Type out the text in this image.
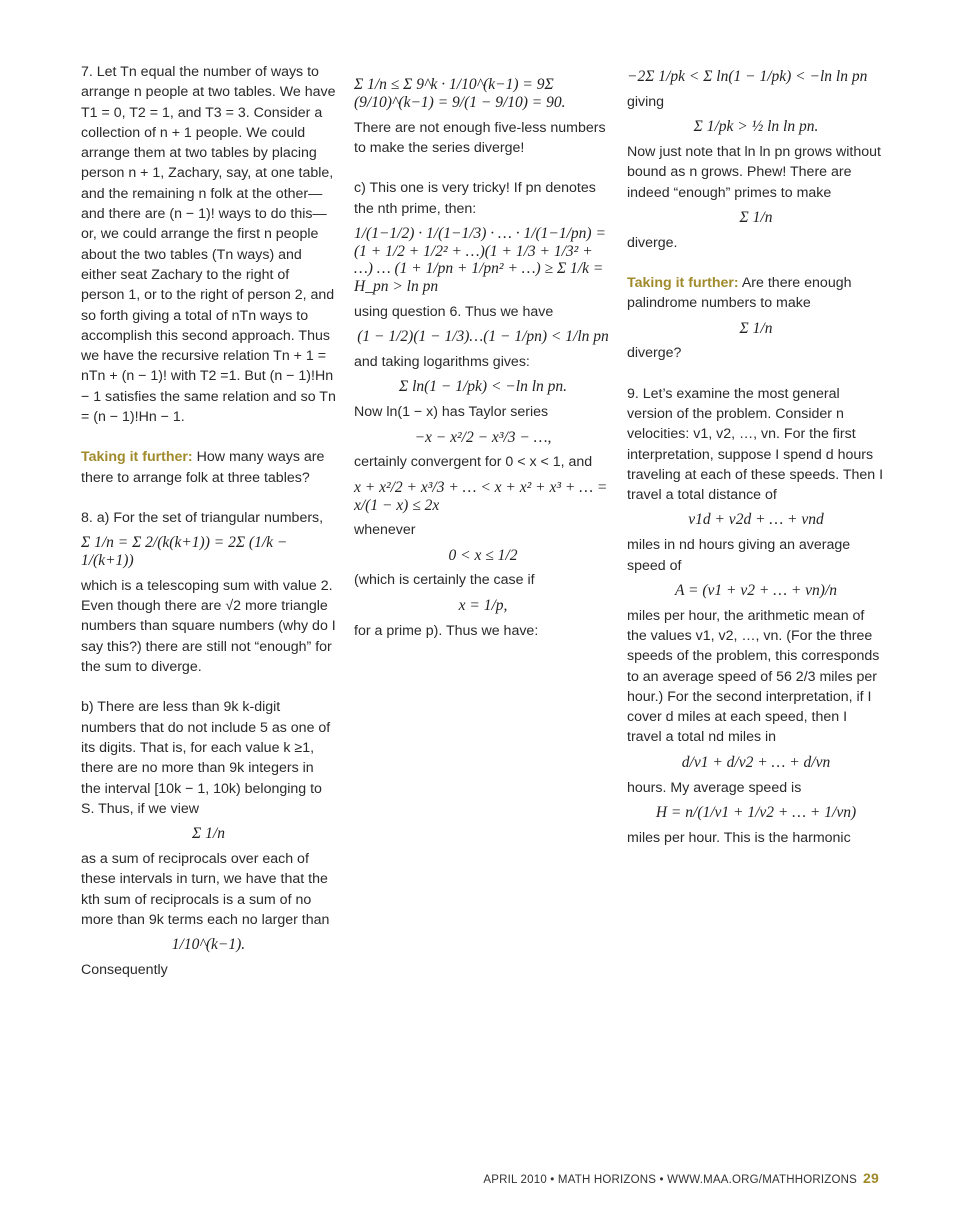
7. Let Tn equal the number of ways to arrange n people at two tables. We have T1 = 0, T2 = 1, and T3 = 3. Consider a collection of n + 1 people. We could arrange them at two tables by placing person n + 1, Zachary, say, at one table, and the remaining n folk at the other—and there are (n − 1)! ways to do this—or, we could arrange the first n people about the two tables (Tn ways) and either seat Zachary to the right of person 1, or to the right of person 2, and so forth giving a total of nTn ways to accomplish this second approach. Thus we have the recursive relation Tn + 1 = nTn + (n − 1)! with T2 =1. But (n − 1)!Hn − 1 satisfies the same relation and so Tn = (n − 1)!Hn − 1.

Taking it further: How many ways are there to arrange folk at three tables?

8. a) For the set of triangular numbers,

Σ 1/n = Σ 2/(k(k+1)) = 2Σ (1/k − 1/(k+1))

which is a telescoping sum with value 2. Even though there are √2 more triangle numbers than square numbers (why do I say this?) there are still not “enough” for the sum to diverge.

b) There are less than 9k k-digit numbers that do not include 5 as one of its digits. That is, for each value k ≥1, there are no more than 9k integers in the interval [10k − 1, 10k) belonging to S. Thus, if we view

Σ 1/n

as a sum of reciprocals over each of these intervals in turn, we have that the kth sum of reciprocals is a sum of no more than 9k terms each no larger than

1/10^(k−1).

Consequently

Σ 1/n ≤ Σ 9^k · 1/10^(k−1) = 9Σ (9/10)^(k−1) = 9/(1 − 9/10) = 90.

There are not enough five-less numbers to make the series diverge!

c) This one is very tricky! If pn denotes the nth prime, then:

1/(1−1/2) · 1/(1−1/3) · … · 1/(1−1/pn) = (1 + 1/2 + 1/2² + …)(1 + 1/3 + 1/3² + …) … (1 + 1/pn + 1/pn² + …) ≥ Σ 1/k = H_pn > ln pn

using question 6. Thus we have

(1 − 1/2)(1 − 1/3)…(1 − 1/pn) < 1/ln pn

and taking logarithms gives:

Σ ln(1 − 1/pk) < −ln ln pn.

Now ln(1 − x) has Taylor series

−x − x²/2 − x³/3 − …,

certainly convergent for 0 < x < 1, and

x + x²/2 + x³/3 + … < x + x² + x³ + … = x/(1 − x) ≤ 2x

whenever

0 < x ≤ 1/2

(which is certainly the case if

x = 1/p,

for a prime p). Thus we have:

−2Σ 1/pk < Σ ln(1 − 1/pk) < −ln ln pn

giving

Σ 1/pk > ½ ln ln pn.

Now just note that ln ln pn grows without bound as n grows. Phew! There are indeed “enough” primes to make

Σ 1/n

diverge.

Taking it further: Are there enough palindrome numbers to make

Σ 1/n

diverge?

9. Let’s examine the most general version of the problem. Consider n velocities: v1, v2, …, vn. For the first interpretation, suppose I spend d hours traveling at each of these speeds. Then I travel a total distance of

v1d + v2d + … + vnd

miles in nd hours giving an average speed of

A = (v1 + v2 + … + vn)/n

miles per hour, the arithmetic mean of the values v1, v2, …, vn. (For the three speeds of the problem, this corresponds to an average speed of 56 2/3 miles per hour.) For the second interpretation, if I cover d miles at each speed, then I travel a total nd miles in

d/v1 + d/v2 + … + d/vn

hours. My average speed is

H = n/(1/v1 + 1/v2 + … + 1/vn)

miles per hour. This is the harmonic

APRIL 2010 • MATH HORIZONS • WWW.MAA.ORG/MATHHORIZONS 29
